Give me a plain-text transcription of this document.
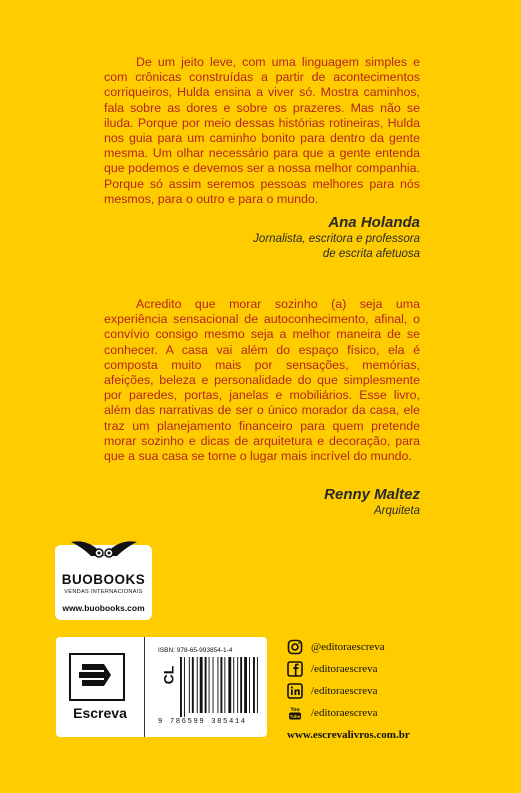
De um jeito leve, com uma linguagem simples e com crônicas construídas a partir de acontecimentos corriqueiros, Hulda ensina a viver só. Mostra caminhos, fala sobre as dores e sobre os prazeres. Mas não se iluda. Porque por meio dessas histórias rotineiras, Hulda nos guia para um caminho bonito para dentro da gente mesma. Um olhar necessário para que a gente entenda que podemos e devemos ser a nossa melhor companhia. Porque só assim seremos pessoas melhores para nós mesmos, para o outro e para o mundo.

Ana Holanda
Jornalista, escritora e professora
de escrita afetuosa

Acredito que morar sozinho (a) seja uma experiência sensacional de autoconhecimento, afinal, o convívio consigo mesmo seja a melhor maneira de se conhecer. A casa vai além do espaço físico, ela é composta muito mais por sensações, memórias, afeições, beleza e personalidade do que simplesmente por paredes, portas, janelas e mobiliários. Esse livro, além das narrativas de ser o único morador da casa, ele traz um planejamento financeiro para quem pretende morar sozinho e dicas de arquitetura e decoração, para que a sua casa se torne o lugar mais incrível do mundo.

Renny Maltez
Arquiteta
BUOBOOKS
VENDAS INTERNACIONAIS
www.buobooks.com
Escreva
ISBN: 978-65-993854-1-4
CL
9 786599 385414
@editoraescreva
/editoraescreva
/editoraescreva
You
Tube /editoraescreva
www.escrevalivros.com.br
